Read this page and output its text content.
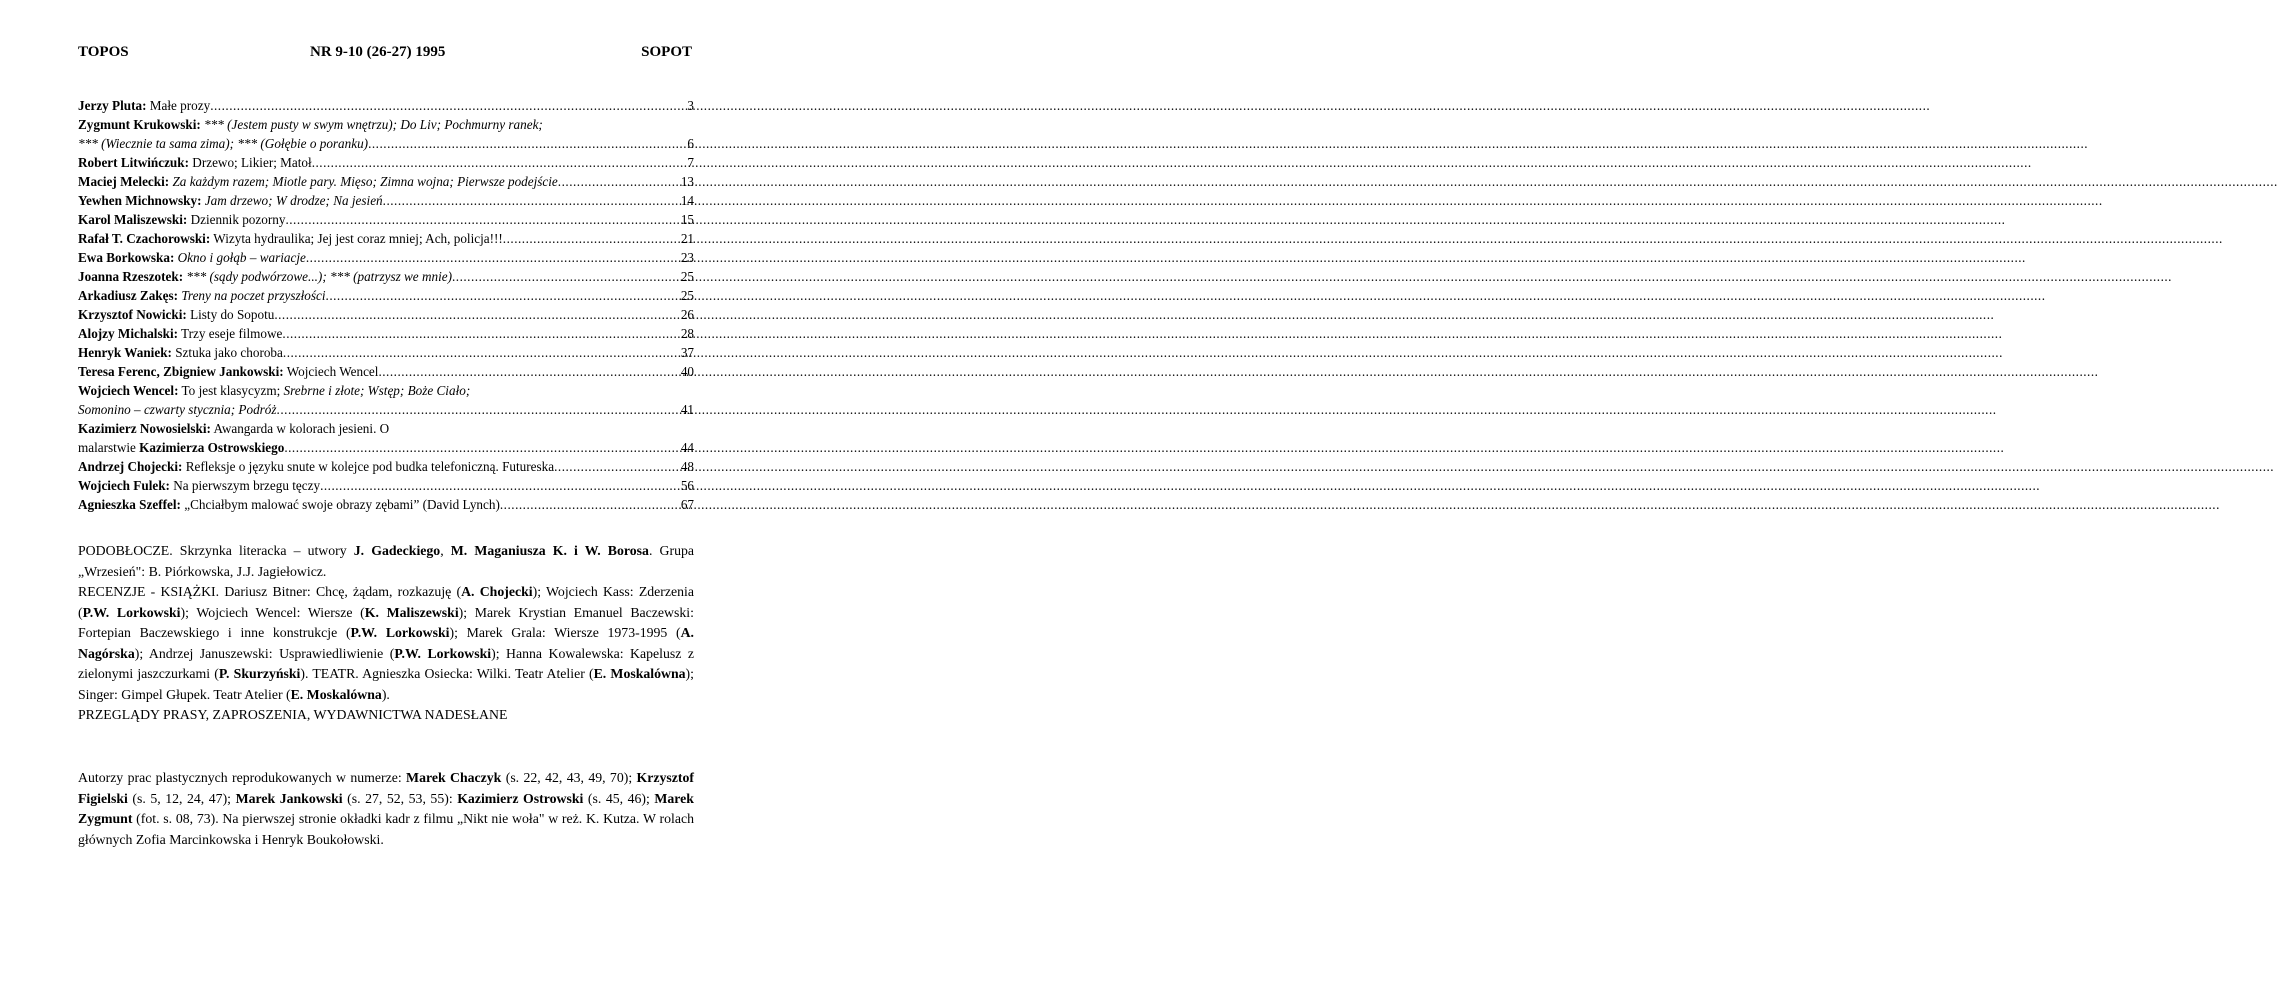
TOPOS	NR 9-10 (26-27) 1995	SOPOT
Jerzy Pluta: Małe prozy .....	3
Zygmunt Krukowski: *** (Jestem pusty w swym wnętrzu); Do Liv; Pochmurny ranek;
*** (Wiecznie ta sama zima); *** (Gołębie o poranku) .....	6
Robert Litwińczuk: Drzewo; Likier; Matoł .....	7
Maciej Melecki: Za każdym razem; Miotle pary. Mięso; Zimna wojna; Pierwsze podejście .....	13
Yewhen Michnowsky: Jam drzewo; W drodze; Na jesień .....	14
Karol Maliszewski: Dziennik pozorny .....	15
Rafał T. Czachorowski: Wizyta hydraulika; Jej jest coraz mniej; Ach, policja!!! .....	21
Ewa Borkowska: Okno i gołąb – wariacje .....	23
Joanna Rzeszotek: *** (sądy podwórzowe...); *** (patrzysz we mnie) .....	25
Arkadiusz Zakęs: Treny na poczet przyszłości .....	25
Krzysztof Nowicki: Listy do Sopotu .....	26
Alojzy Michalski: Trzy eseje filmowe .....	28
Henryk Waniek: Sztuka jako choroba .....	37
Teresa Ferenc, Zbigniew Jankowski: Wojciech Wencel .....	40
Wojciech Wencel: To jest klasycyzm; Srebrne i złote; Wstęp; Boże Ciało;
Somonino – czwarty stycznia; Podróż .....	41
Kazimierz Nowosielski: Awangarda w kolorach jesieni. O
malarstwie Kazimierza Ostrowskiego .....	44
Andrzej Chojecki: Refleksje o języku snute w kolejce pod budka telefoniczną. Futureska .....	48
Wojciech Fulek: Na pierwszym brzegu tęczy .....	56
Agnieszka Szeffel: „Chciałbym malować swoje obrazy zębami” (David Lynch) .....	67
PODOBŁOCZE. Skrzynka literacka – utwory J. Gadeckiego, M. Maganiusza K. i W. Borosa. Grupa „Wrzesień": B. Piórkowska, J.J. Jagiełowicz.
RECENZJE - KSIĄŻKI. Dariusz Bitner: Chcę, żądam, rozkazuję (A. Chojecki); Wojciech Kass: Zderzenia (P.W. Lorkowski); Wojciech Wencel: Wiersze (K. Maliszewski); Marek Krystian Emanuel Baczewski: Fortepian Baczewskiego i inne konstrukcje (P.W. Lorkowski); Marek Grala: Wiersze 1973-1995 (A. Nagórska); Andrzej Januszewski: Usprawiedliwienie (P.W. Lorkowski); Hanna Kowalewska: Kapelusz z zielonymi jaszczurkami (P. Skurzyński). TEATR. Agnieszka Osiecka: Wilki. Teatr Atelier (E. Moskalówna); Singer: Gimpel Głupek. Teatr Atelier (E. Moskalówna).
PRZEGLĄDY PRASY, ZAPROSZENIA, WYDAWNICTWA NADESŁANE
Autorzy prac plastycznych reprodukowanych w numerze: Marek Chaczyk (s. 22, 42, 43, 49, 70); Krzysztof Figielski (s. 5, 12, 24, 47); Marek Jankowski (s. 27, 52, 53, 55): Kazimierz Ostrowski (s. 45, 46); Marek Zygmunt (fot. s. 08, 73). Na pierwszej stronie okładki kadr z filmu „Nikt nie woła" w reż. K. Kutza. W rolach głównych Zofia Marcinkowska i Henryk Boukołowski.
